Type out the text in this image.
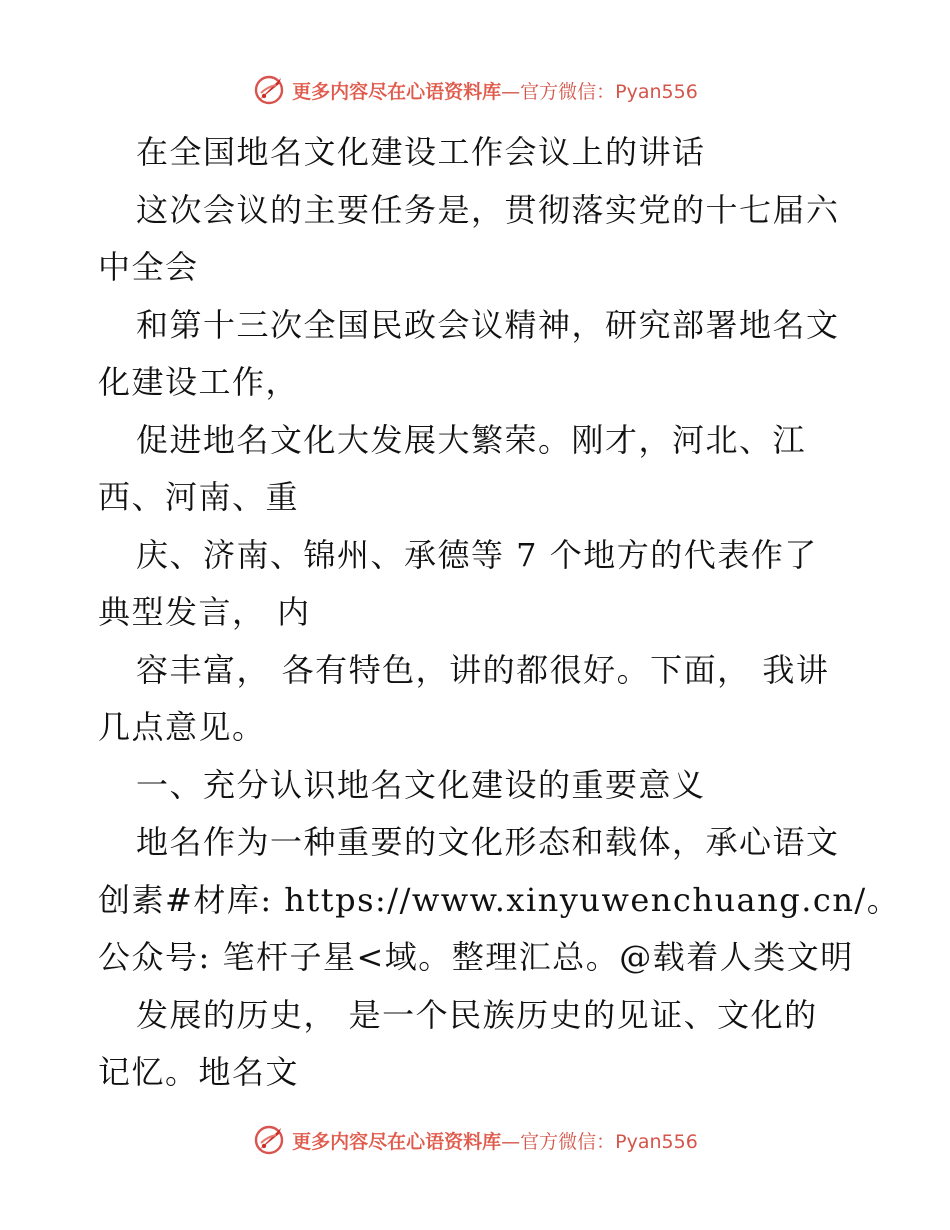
更多内容尽在心语资料库—官方微信：Pyan556
在全国地名文化建设工作会议上的讲话
这次会议的主要任务是，贯彻落实党的十七届六
中全会
和第十三次全国民政会议精神，研究部署地名文
化建设工作，
促进地名文化大发展大繁荣。刚才，河北、江
西、河南、重
庆、济南、锦州、承德等 7 个地方的代表作了
典型发言， 内
容丰富， 各有特色，讲的都很好。下面， 我讲
几点意见。
一、充分认识地名文化建设的重要意义
地名作为一种重要的文化形态和载体，承心语文
创素#材库: https://www.xinyuwenchuang.cn/。
公众号: 笔杆子星<域。整理汇总。@载着人类文明
发展的历史， 是一个民族历史的见证、文化的
记忆。地名文
更多内容尽在心语资料库—官方微信：Pyan556
